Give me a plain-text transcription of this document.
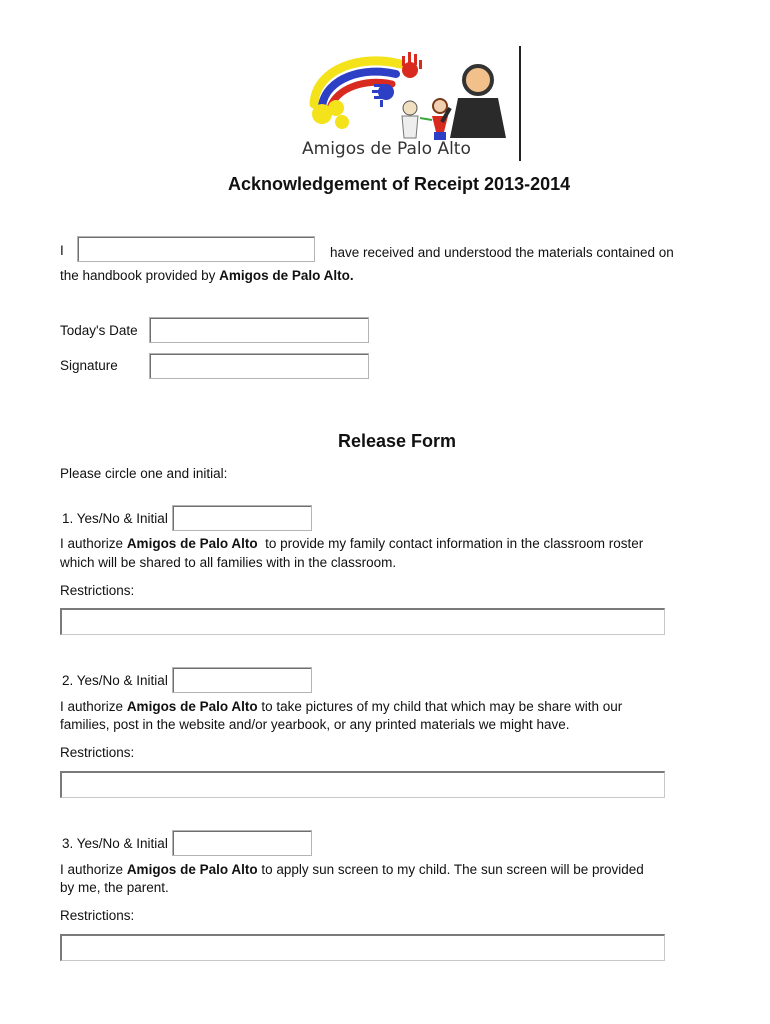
Amigos de Palo Alto
Acknowledgement of Receipt 2013-2014
I	have received and understood the materials contained on
the handbook provided by Amigos de Palo Alto.
Today's Date
Signature
Release Form
Please circle one and initial:
1. Yes/No & Initial
I authorize Amigos de Palo Alto  to provide my family contact information in the classroom roster
which will be shared to all families with in the classroom.
Restrictions:
2. Yes/No & Initial
I authorize Amigos de Palo Alto to take pictures of my child that which may be share with our
families, post in the website and/or yearbook, or any printed materials we might have.
Restrictions:
3. Yes/No & Initial
I authorize Amigos de Palo Alto to apply sun screen to my child. The sun screen will be provided
by me, the parent.
Restrictions:
